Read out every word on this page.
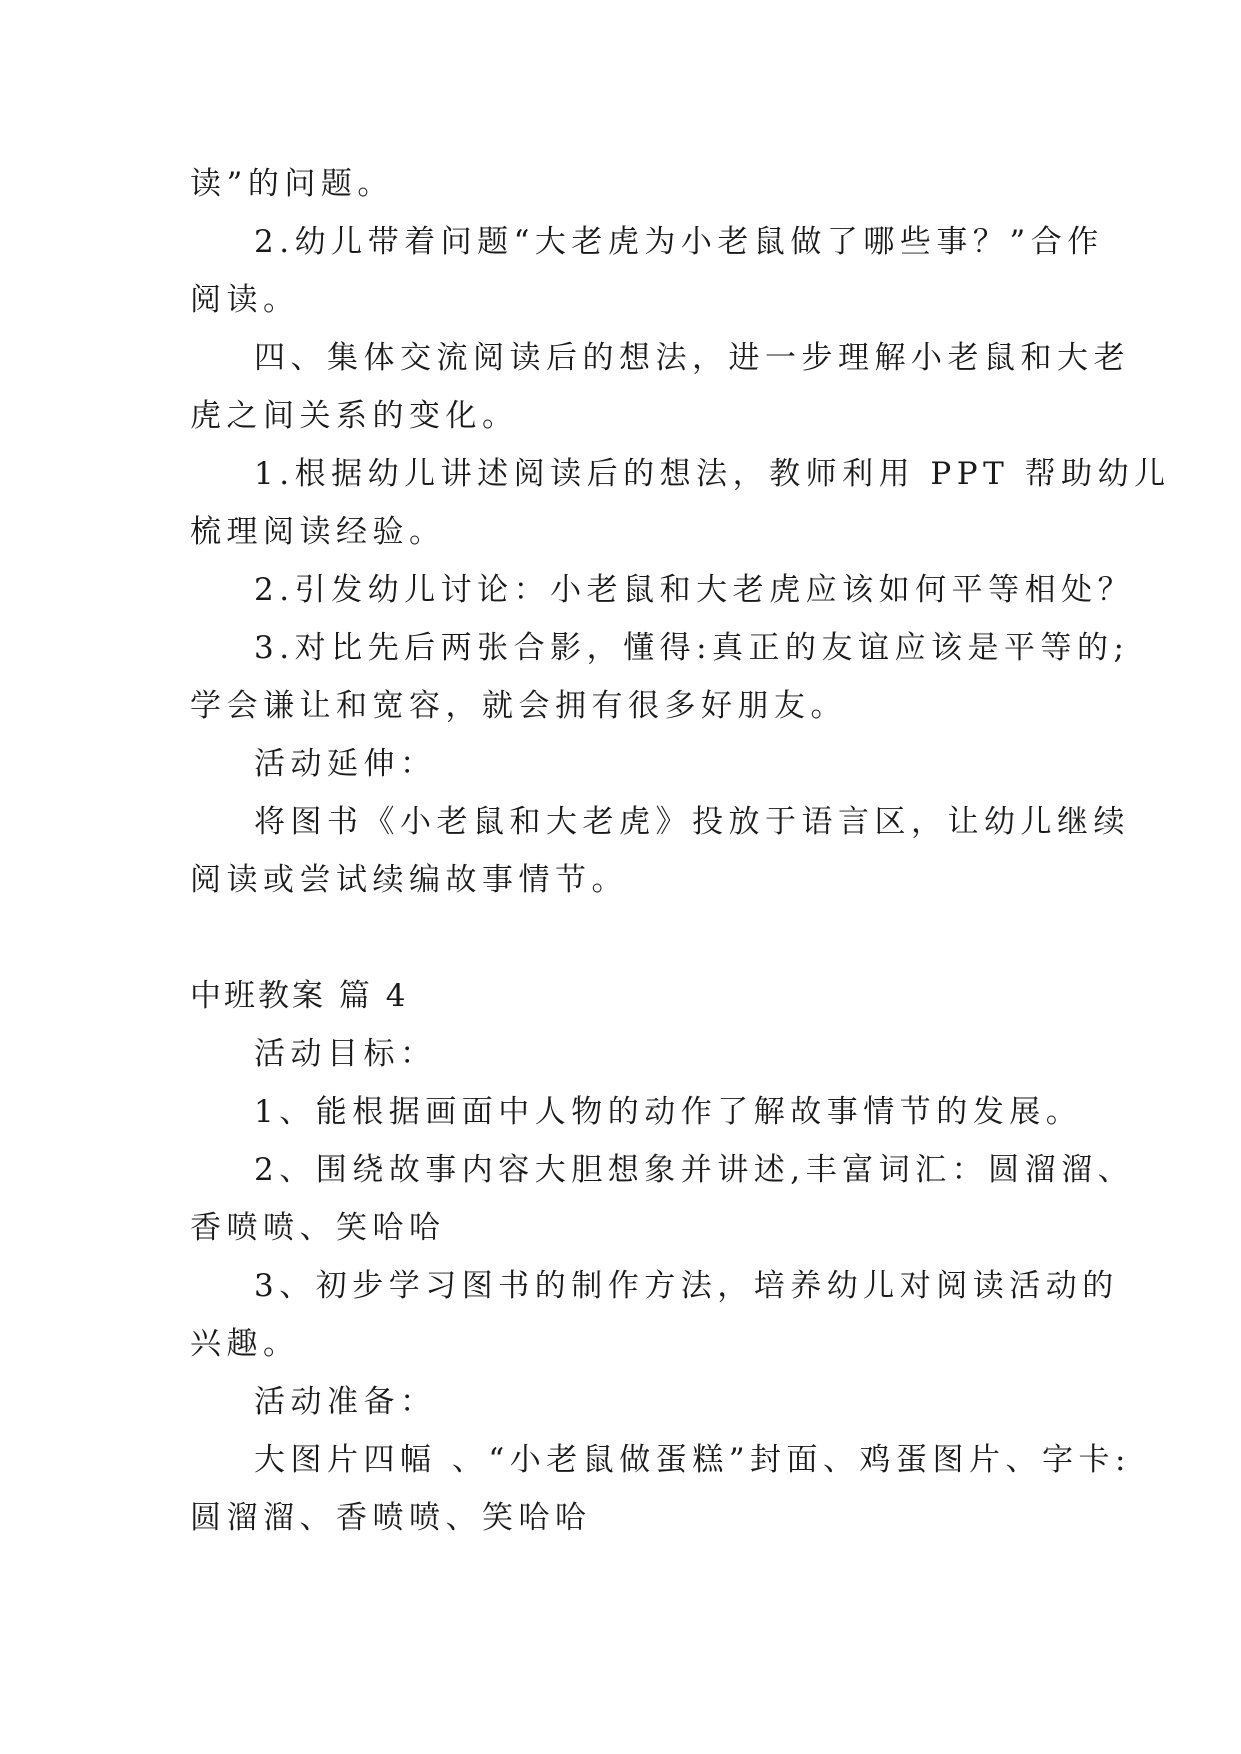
读”的问题。
2.幼儿带着问题“大老虎为小老鼠做了哪些事？”合作
阅读。
四、集体交流阅读后的想法，进一步理解小老鼠和大老
虎之间关系的变化。
1.根据幼儿讲述阅读后的想法，教师利用 PPT 帮助幼儿
梳理阅读经验。
2.引发幼儿讨论：小老鼠和大老虎应该如何平等相处？
3.对比先后两张合影，懂得:真正的友谊应该是平等的;
学会谦让和宽容，就会拥有很多好朋友。
活动延伸：
将图书《小老鼠和大老虎》投放于语言区，让幼儿继续
阅读或尝试续编故事情节。
中班教案 篇 4
活动目标：
1、能根据画面中人物的动作了解故事情节的发展。
2、围绕故事内容大胆想象并讲述,丰富词汇：圆溜溜、
香喷喷、笑哈哈
3、初步学习图书的制作方法，培养幼儿对阅读活动的
兴趣。
活动准备：
大图片四幅 、“小老鼠做蛋糕”封面、鸡蛋图片、字卡:
圆溜溜、香喷喷、笑哈哈
